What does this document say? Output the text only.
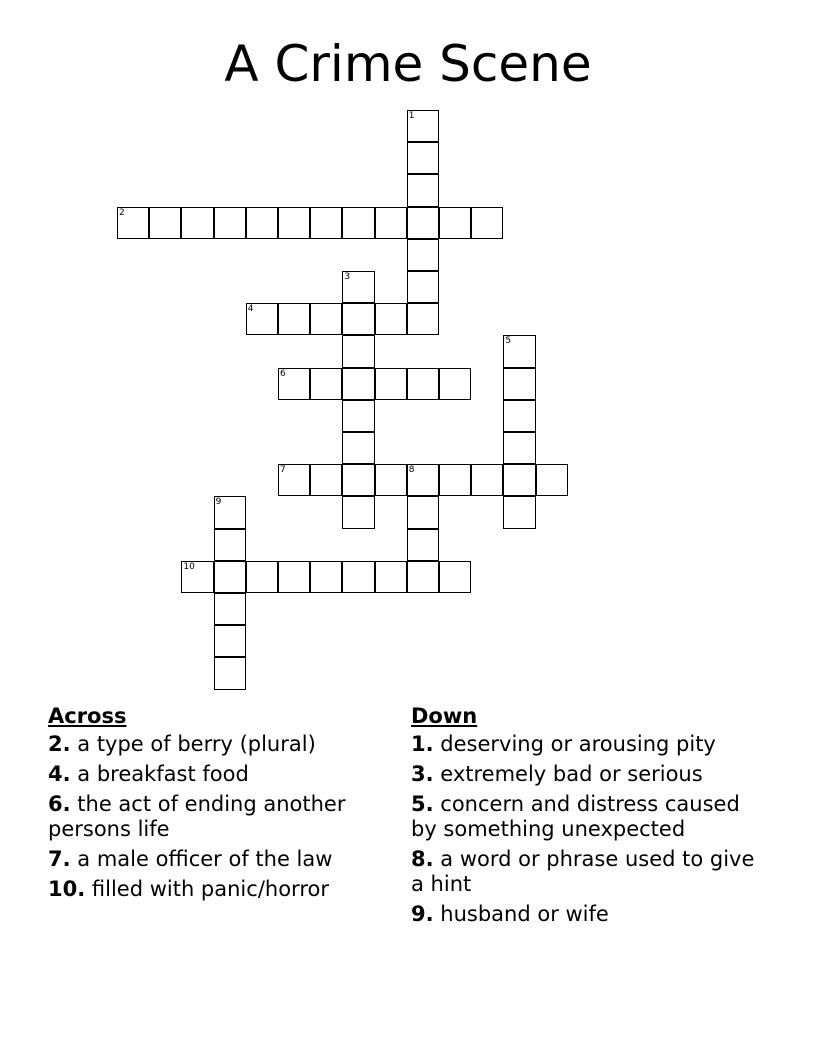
A Crime Scene
1
2
3
4
5
6
7	8
9
10
Across
2. a type of berry (plural)
4. a breakfast food
6. the act of ending another persons life
7. a male officer of the law
10. filled with panic/horror
Down
1. deserving or arousing pity
3. extremely bad or serious
5. concern and distress caused by something unexpected
8. a word or phrase used to give a hint
9. husband or wife
